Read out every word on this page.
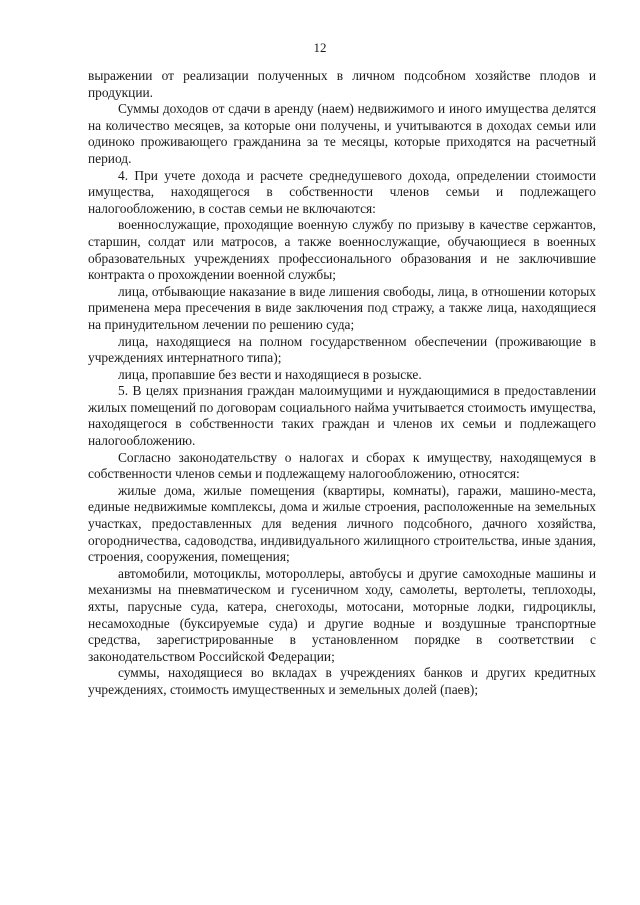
12

выражении от реализации полученных в личном подсобном хозяйстве плодов и продукции.

Суммы доходов от сдачи в аренду (наем) недвижимого и иного имущества делятся на количество месяцев, за которые они получены, и учитываются в доходах семьи или одиноко проживающего гражданина за те месяцы, которые приходятся на расчетный период.

4. При учете дохода и расчете среднедушевого дохода, определении стоимости имущества, находящегося в собственности членов семьи и подлежащего налогообложению, в состав семьи не включаются:

военнослужащие, проходящие военную службу по призыву в качестве сержантов, старшин, солдат или матросов, а также военнослужащие, обучающиеся в военных образовательных учреждениях профессионального образования и не заключившие контракта о прохождении военной службы;

лица, отбывающие наказание в виде лишения свободы, лица, в отношении которых применена мера пресечения в виде заключения под стражу, а также лица, находящиеся на принудительном лечении по решению суда;

лица, находящиеся на полном государственном обеспечении (проживающие в учреждениях интернатного типа);

лица, пропавшие без вести и находящиеся в розыске.

5. В целях признания граждан малоимущими и нуждающимися в предоставлении жилых помещений по договорам социального найма учитывается стоимость имущества, находящегося в собственности таких граждан и членов их семьи и подлежащего налогообложению.

Согласно законодательству о налогах и сборах к имуществу, находящемуся в собственности членов семьи и подлежащему налогообложению, относятся:

жилые дома, жилые помещения (квартиры, комнаты), гаражи, машино-места, единые недвижимые комплексы, дома и жилые строения, расположенные на земельных участках, предоставленных для ведения личного подсобного, дачного хозяйства, огородничества, садоводства, индивидуального жилищного строительства, иные здания, строения, сооружения, помещения;

автомобили, мотоциклы, мотороллеры, автобусы и другие самоходные машины и механизмы на пневматическом и гусеничном ходу, самолеты, вертолеты, теплоходы, яхты, парусные суда, катера, снегоходы, мотосани, моторные лодки, гидроциклы, несамоходные (буксируемые суда) и другие водные и воздушные транспортные средства, зарегистрированные в установленном порядке в соответствии с законодательством Российской Федерации;

суммы, находящиеся во вкладах в учреждениях банков и других кредитных учреждениях, стоимость имущественных и земельных долей (паев);
